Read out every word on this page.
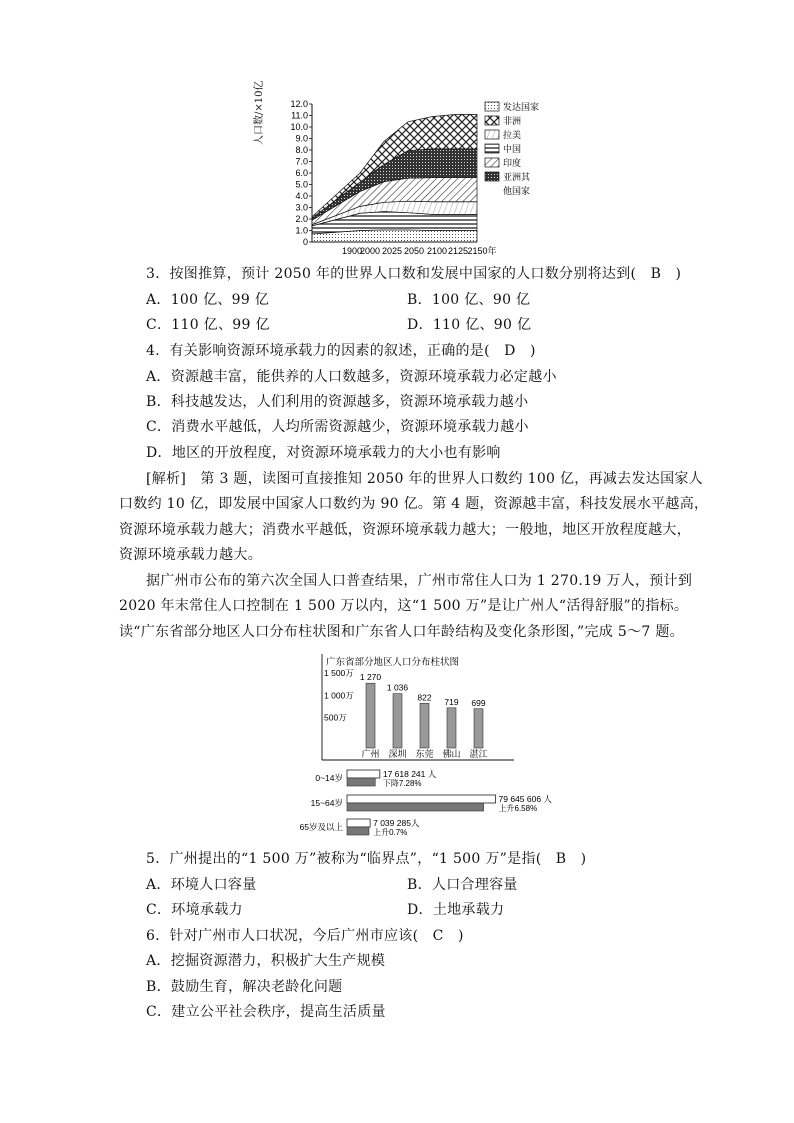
12.0
11.0
10.0
9.0
8.0
7.0
6.0
5.0
4.0
3.0
2.0
1.0
0
1900
2000 2025 2050 2100 2125 2150年
发达国家
非洲
拉美
中国
印度
亚洲其
他国家
人口数/×10亿
3．按图推算，预计 2050 年的世界人口数和发展中国家的人口数分别将达到(　B　)
A．100 亿、99 亿	B．100 亿、90 亿
C．110 亿、99 亿	D．110 亿、90 亿
4．有关影响资源环境承载力的因素的叙述，正确的是(　D　)
A．资源越丰富，能供养的人口数越多，资源环境承载力必定越小
B．科技越发达，人们利用的资源越多，资源环境承载力越小
C．消费水平越低，人均所需资源越少，资源环境承载力越小
D．地区的开放程度，对资源环境承载力的大小也有影响
[解析]　第 3 题，读图可直接推知 2050 年的世界人口数约 100 亿，再减去发达国家人
口数约 10 亿，即发展中国家人口数约为 90 亿。第 4 题，资源越丰富，科技发展水平越高，
资源环境承载力越大；消费水平越低，资源环境承载力越大；一般地，地区开放程度越大，
资源环境承载力越大。
据广州市公布的第六次全国人口普查结果，广州市常住人口为 1 270.19 万人，预计到
2020 年末常住人口控制在 1 500 万以内，这“1 500 万”是让广州人“活得舒服”的指标。
读“广东省部分地区人口分布柱状图和广东省人口年龄结构及变化条形图，”完成 5～7 题。
广东省部分地区人口分布柱状图
1 500万
1 000万
500万
1 270
广州
1 036
深圳
822
东莞
719
佛山
699
湛江
0~14岁	17 618 241 人
下降7.28%
15~64岁	79 645 606 人
上升6.58%
65岁及以上	7 039 285人
上升0.7%
5．广州提出的“1 500 万”被称为“临界点”，“1 500 万”是指(　B　)
A．环境人口容量	B．人口合理容量
C．环境承载力	D．土地承载力
6．针对广州市人口状况，今后广州市应该(　C　)
A．挖掘资源潜力，积极扩大生产规模
B．鼓励生育，解决老龄化问题
C．建立公平社会秩序，提高生活质量
